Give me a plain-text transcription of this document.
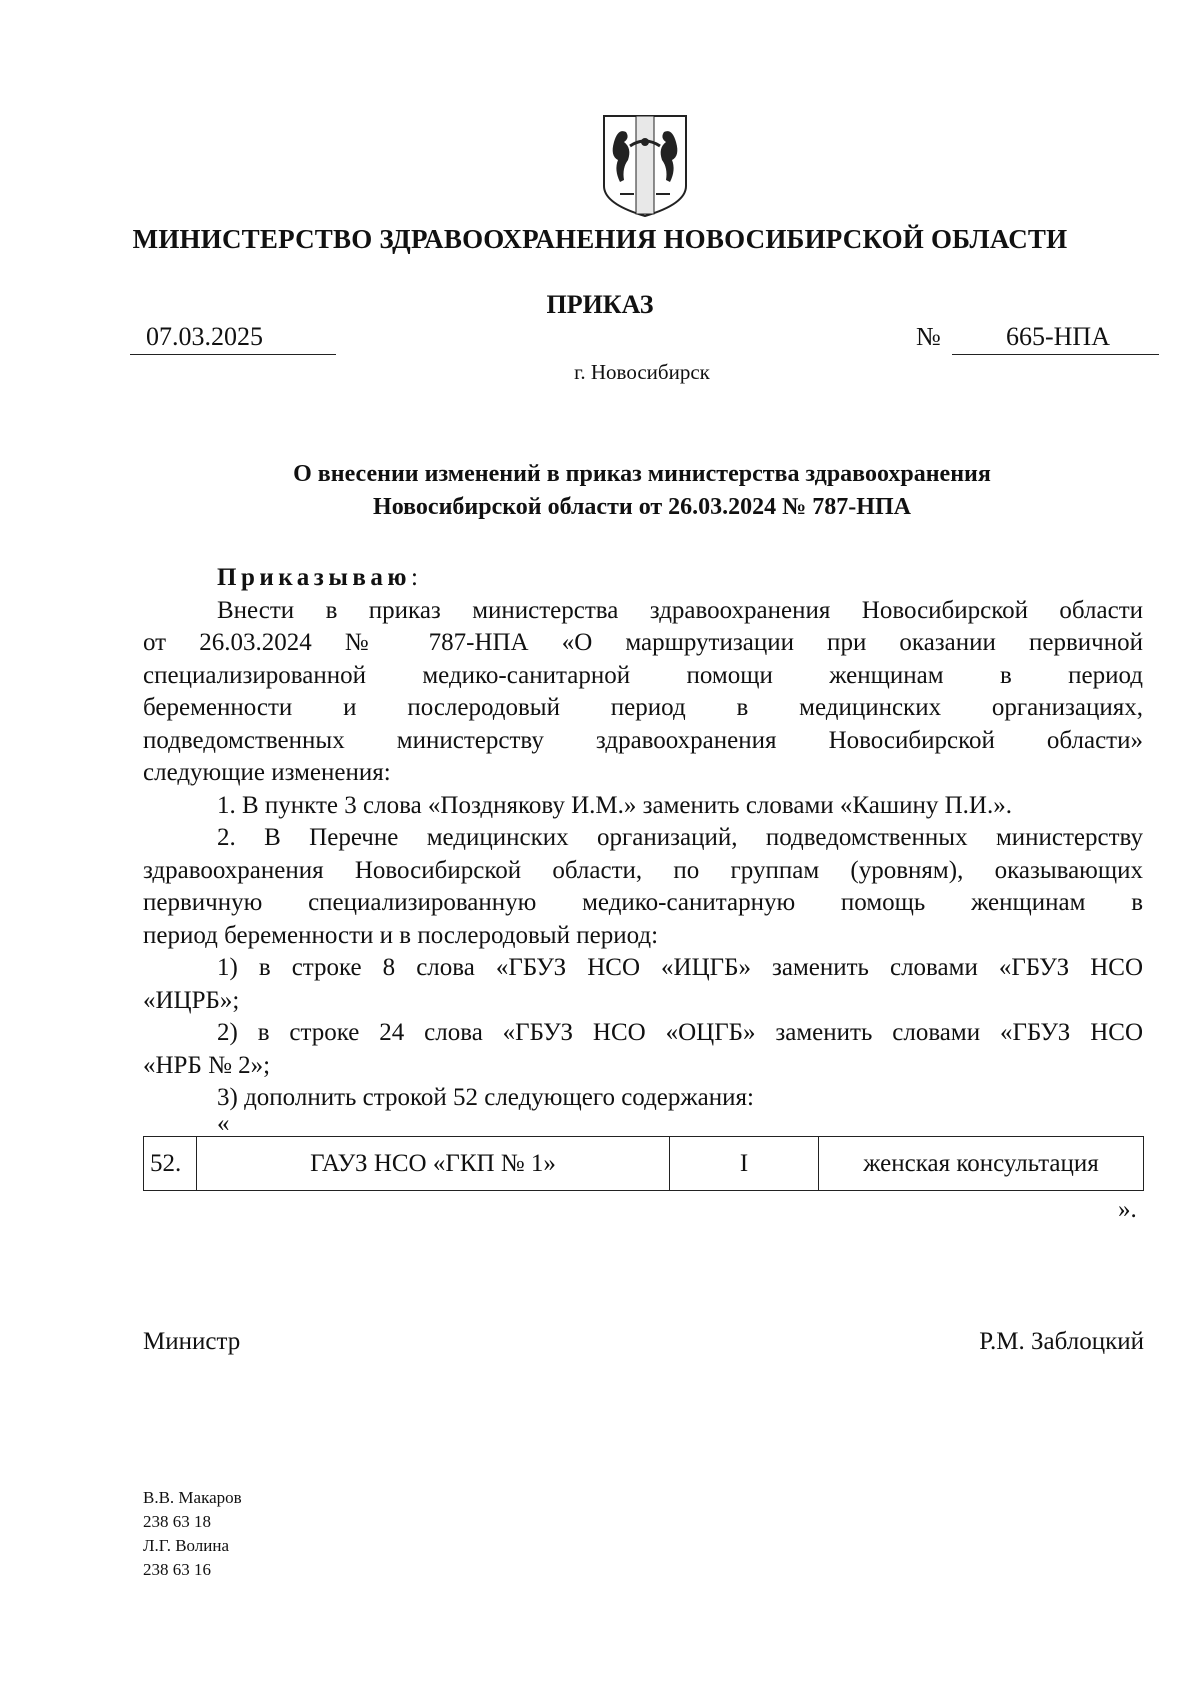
МИНИСТЕРСТВО ЗДРАВООХРАНЕНИЯ НОВОСИБИРСКОЙ ОБЛАСТИ
ПРИКАЗ
07.03.2025	№	665-НПА
г. Новосибирск
О внесении изменений в приказ министерства здравоохранения
Новосибирской области от 26.03.2024 № 787-НПА
Приказываю:
Внести в приказ министерства здравоохранения Новосибирской области
от 26.03.2024 № 787-НПА «О маршрутизации при оказании первичной
специализированной медико-санитарной помощи женщинам в период
беременности и послеродовый период в медицинских организациях,
подведомственных министерству здравоохранения Новосибирской области»
следующие изменения:
1. В пункте 3 слова «Позднякову И.М.» заменить словами «Кашину П.И.».
2. В Перечне медицинских организаций, подведомственных министерству
здравоохранения Новосибирской области, по группам (уровням), оказывающих
первичную специализированную медико-санитарную помощь женщинам в
период беременности и в послеродовый период:
1) в строке 8 слова «ГБУЗ НСО «ИЦГБ» заменить словами «ГБУЗ НСО
«ИЦРБ»;
2) в строке 24 слова «ГБУЗ НСО «ОЦГБ» заменить словами «ГБУЗ НСО
«НРБ № 2»;
3) дополнить строкой 52 следующего содержания:
«
52.	ГАУЗ НСО «ГКП № 1»	I	женская консультация
».
Министр	Р.М. Заблоцкий
В.В. Макаров
238 63 18
Л.Г. Волина
238 63 16
